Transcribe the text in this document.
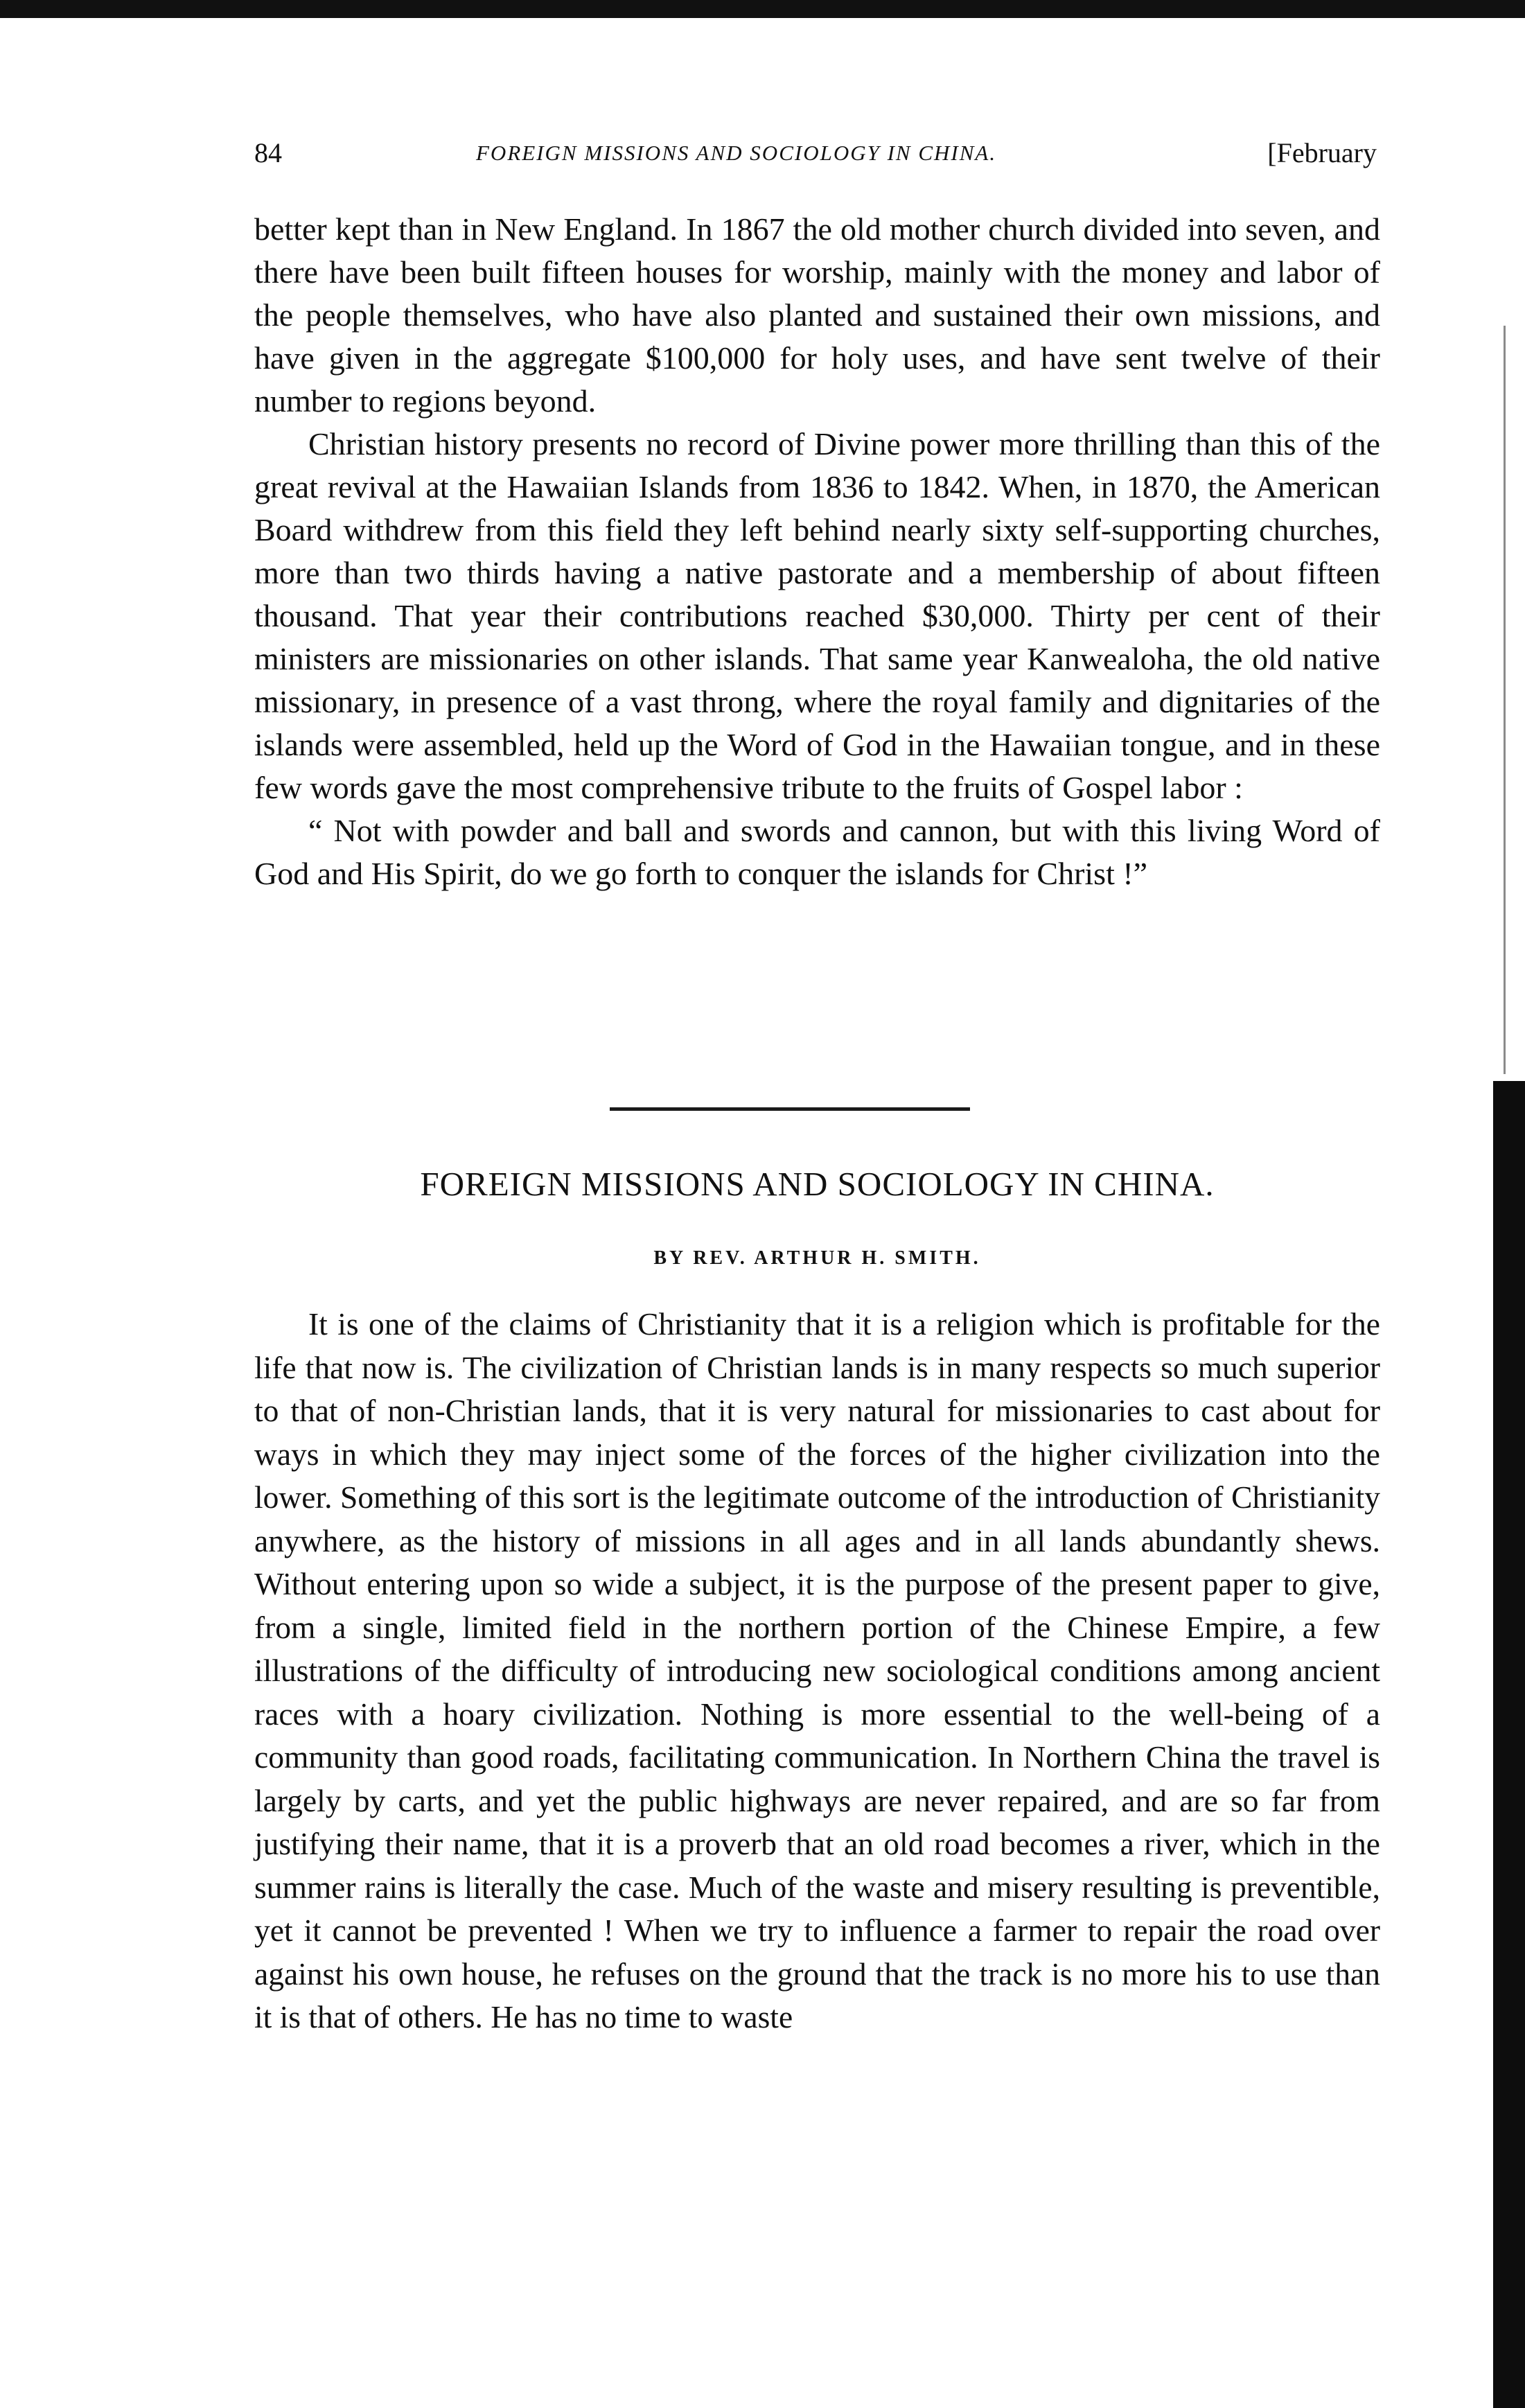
84	FOREIGN MISSIONS AND SOCIOLOGY IN CHINA.	[February

better kept than in New England. In 1867 the old mother church divided into seven, and there have been built fifteen houses for worship, mainly with the money and labor of the people themselves, who have also planted and sustained their own missions, and have given in the aggregate $100,000 for holy uses, and have sent twelve of their number to regions beyond.

Christian history presents no record of Divine power more thrilling than this of the great revival at the Hawaiian Islands from 1836 to 1842. When, in 1870, the American Board withdrew from this field they left behind nearly sixty self-supporting churches, more than two thirds having a native pastorate and a membership of about fifteen thousand. That year their contributions reached $30,000. Thirty per cent of their ministers are missionaries on other islands. That same year Kanwealoha, the old native missionary, in presence of a vast throng, where the royal family and dignitaries of the islands were assembled, held up the Word of God in the Hawaiian tongue, and in these few words gave the most comprehensive tribute to the fruits of Gospel labor :

“ Not with powder and ball and swords and cannon, but with this living Word of God and His Spirit, do we go forth to conquer the islands for Christ !”

FOREIGN MISSIONS AND SOCIOLOGY IN CHINA.
BY REV. ARTHUR H. SMITH.

It is one of the claims of Christianity that it is a religion which is profitable for the life that now is. The civilization of Christian lands is in many respects so much superior to that of non-Christian lands, that it is very natural for missionaries to cast about for ways in which they may inject some of the forces of the higher civilization into the lower. Something of this sort is the legitimate outcome of the introduction of Christianity anywhere, as the history of missions in all ages and in all lands abundantly shews. Without entering upon so wide a subject, it is the purpose of the present paper to give, from a single, limited field in the northern portion of the Chinese Empire, a few illustrations of the difficulty of introducing new sociological conditions among ancient races with a hoary civilization. Nothing is more essential to the well-being of a community than good roads, facilitating communication. In Northern China the travel is largely by carts, and yet the public highways are never repaired, and are so far from justifying their name, that it is a proverb that an old road becomes a river, which in the summer rains is literally the case. Much of the waste and misery resulting is preventible, yet it cannot be prevented ! When we try to influence a farmer to repair the road over against his own house, he refuses on the ground that the track is no more his to use than it is that of others. He has no time to waste
